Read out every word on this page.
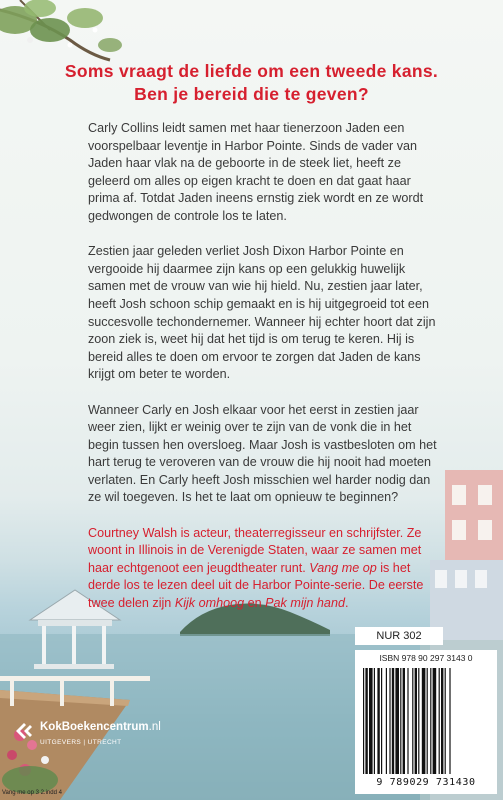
Soms vraagt de liefde om een tweede kans.
Ben je bereid die te geven?

Carly Collins leidt samen met haar tienerzoon Jaden een voorspelbaar leventje in Harbor Pointe. Sinds de vader van Jaden haar vlak na de geboorte in de steek liet, heeft ze geleerd om alles op eigen kracht te doen en dat gaat haar prima af. Totdat Jaden ineens ernstig ziek wordt en ze wordt gedwongen de controle los te laten.

Zestien jaar geleden verliet Josh Dixon Harbor Pointe en vergooide hij daarmee zijn kans op een gelukkig huwelijk samen met de vrouw van wie hij hield. Nu, zestien jaar later, heeft Josh schoon schip gemaakt en is hij uitgegroeid tot een succesvolle techondernemer. Wanneer hij echter hoort dat zijn zoon ziek is, weet hij dat het tijd is om terug te keren. Hij is bereid alles te doen om ervoor te zorgen dat Jaden de kans krijgt om beter te worden.

Wanneer Carly en Josh elkaar voor het eerst in zestien jaar weer zien, lijkt er weinig over te zijn van de vonk die in het begin tussen hen oversloeg. Maar Josh is vastbesloten om het hart terug te veroveren van de vrouw die hij nooit had moeten verlaten. En Carly heeft Josh misschien wel harder nodig dan ze wil toegeven. Is het te laat om opnieuw te beginnen?

Courtney Walsh is acteur, theaterregisseur en schrijfster. Ze woont in Illinois in de Verenigde Staten, waar ze samen met haar echtgenoot een jeugdtheater runt. Vang me op is het derde los te lezen deel uit de Harbor Pointe-serie. De eerste twee delen zijn Kijk omhoog en Pak mijn hand.

NUR 302
ISBN 978 90 297 3143 0
9 789029 731430
KokBoekencentrum.nl
UITGEVERS | UTRECHT
Vang me op 3 2.indd 4
